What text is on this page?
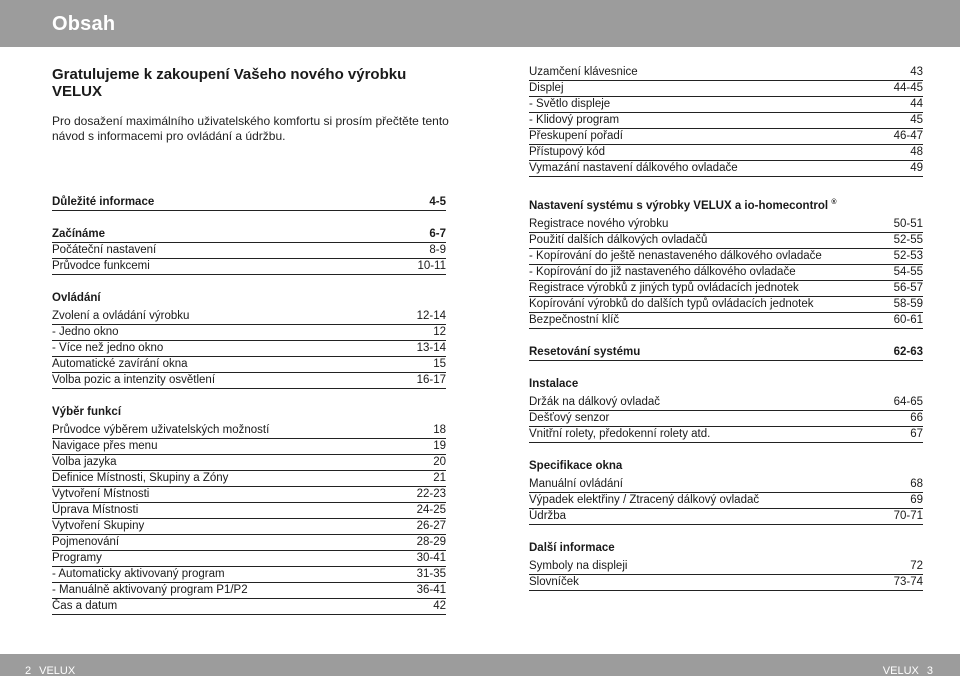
Obsah
Gratulujeme k zakoupení Vašeho nového výrobku
VELUX

Pro dosažení maximálního uživatelského komfortu si prosím přečtěte tento
návod s informacemi pro ovládání a údržbu.

Důležité informace	4-5
Začínáme	6-7
Počáteční nastavení	8-9
Průvodce funkcemi	10-11
Ovládání
Zvolení a ovládání výrobku	12-14
- Jedno okno	12
- Více než jedno okno	13-14
Automatické zavírání okna	15
Volba pozic a intenzity osvětlení	16-17
Výběr funkcí
Průvodce výběrem uživatelských možností	18
Navigace přes menu	19
Volba jazyka	20
Definice Místnosti, Skupiny a Zóny	21
Vytvoření Místnosti	22-23
Úprava Místnosti	24-25
Vytvoření Skupiny	26-27
Pojmenování	28-29
Programy	30-41
- Automaticky aktivovaný program	31-35
- Manuálně aktivovaný program P1/P2	36-41
Čas a datum	42
Uzamčení klávesnice	43
Displej	44-45
- Světlo displeje	44
- Klidový program	45
Přeskupení pořadí	46-47
Přístupový kód	48
Vymazání nastavení dálkového ovladače	49
Nastavení systému s výrobky VELUX a io-homecontrol ®
Registrace nového výrobku	50-51
Použití dalších dálkových ovladačů	52-55
- Kopírování do ještě nenastaveného dálkového ovladače	52-53
- Kopírování do již nastaveného dálkového ovladače	54-55
Registrace výrobků z jiných typů ovládacích jednotek	56-57
Kopírování výrobků do dalších typů ovládacích jednotek	58-59
Bezpečnostní klíč	60-61
Resetování systému	62-63
Instalace
Držák na dálkový ovladač	64-65
Dešťový senzor	66
Vnitřní rolety, předokenní rolety atd.	67
Specifikace okna
Manuální ovládání	68
Výpadek elektřiny / Ztracený dálkový ovladač	69
Údržba	70-71
Další informace
Symboly na displeji	72
Slovníček	73-74
2 VELUX	VELUX 3
